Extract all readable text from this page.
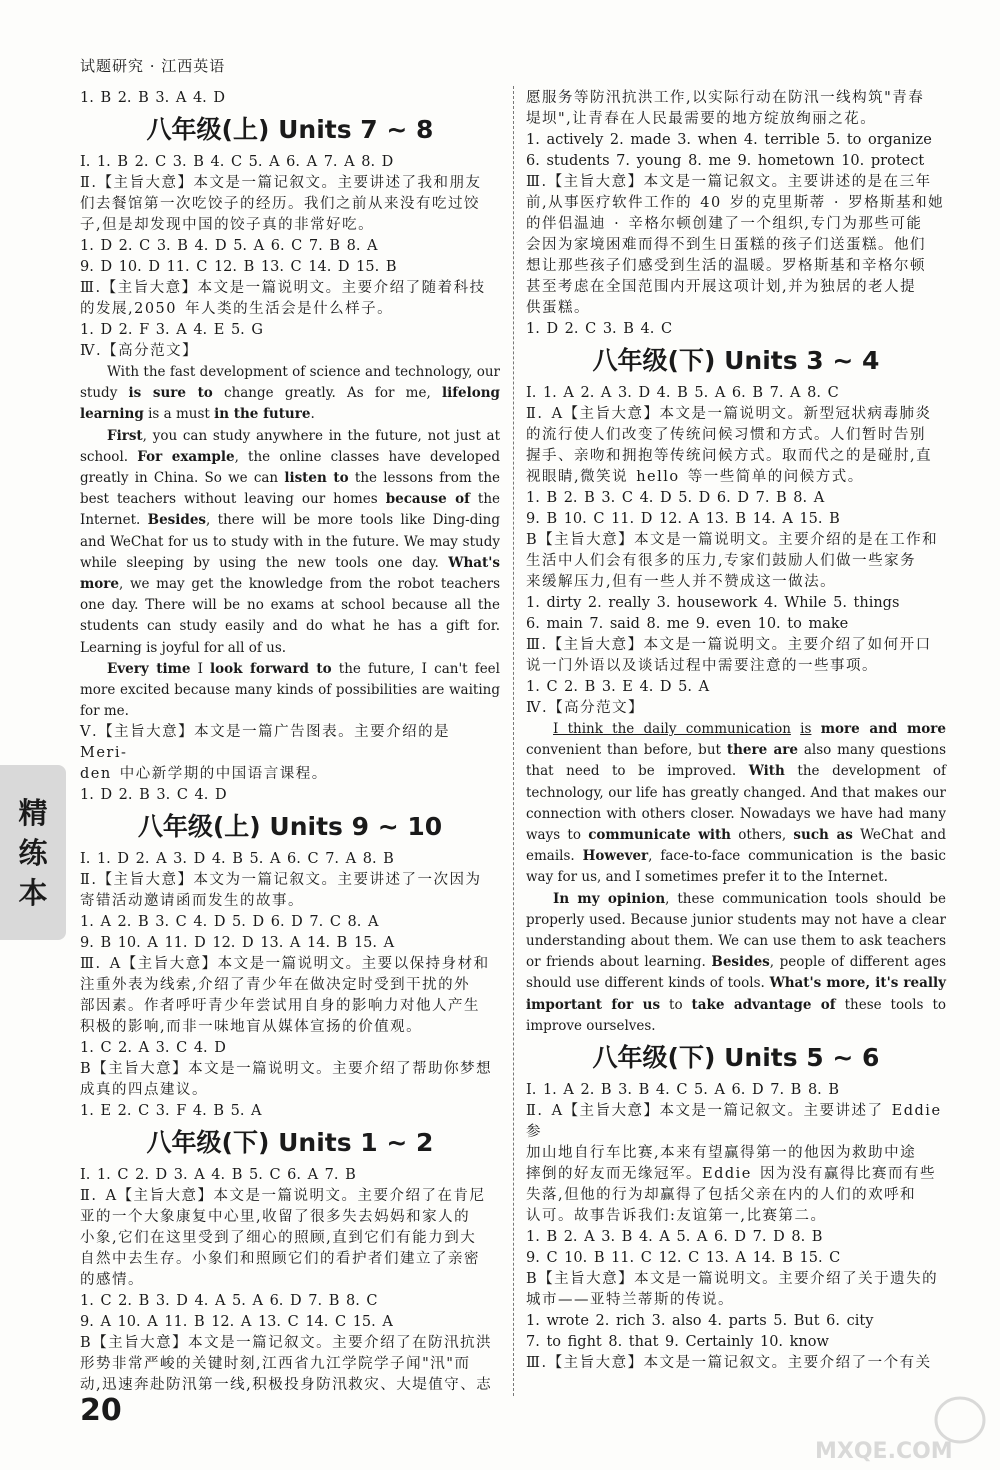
试题研究 · 江西英语

1. B 2. B 3. A 4. D

八年级(上) Units 7 ~ 8

Ⅰ. 1. B 2. C 3. B 4. C 5. A 6. A 7. A 8. D

Ⅱ.【主旨大意】本文是一篇记叙文。主要讲述了我和朋友

们去餐馆第一次吃饺子的经历。我们之前从来没有吃过饺

子,但是却发现中国的饺子真的非常好吃。

1. D 2. C 3. B 4. D 5. A 6. C 7. B 8. A

9. D 10. D 11. C 12. B 13. C 14. D 15. B

Ⅲ.【主旨大意】本文是一篇说明文。主要介绍了随着科技

的发展,2050 年人类的生活会是什么样子。

1. D 2. F 3. A 4. E 5. G

Ⅳ.【高分范文】

With the fast development of science and technology, our study is sure to change greatly. As for me, lifelong learning is a must in the future.

First, you can study anywhere in the future, not just at school. For example, the online classes have developed greatly in China. So we can listen to the lessons from the best teachers without leaving our homes because of the Internet. Besides, there will be more tools like Ding-ding and WeChat for us to study with in the future. We may study while sleeping by using the new tools one day. What's more, we may get the knowledge from the robot teachers one day. There will be no exams at school because all the students can study easily and do what he has a gift for. Learning is joyful for all of us.

Every time I look forward to the future, I can't feel more excited because many kinds of possibilities are waiting for me.

Ⅴ.【主旨大意】本文是一篇广告图表。主要介绍的是 Meri-

den 中心新学期的中国语言课程。

1. D 2. B 3. C 4. D

八年级(上) Units 9 ~ 10

Ⅰ. 1. D 2. A 3. D 4. B 5. A 6. C 7. A 8. B

Ⅱ.【主旨大意】本文为一篇记叙文。主要讲述了一次因为

寄错活动邀请函而发生的故事。

1. A 2. B 3. C 4. D 5. D 6. D 7. C 8. A

9. B 10. A 11. D 12. D 13. A 14. B 15. A

Ⅲ. A【主旨大意】本文是一篇说明文。主要以保持身材和

注重外表为线索,介绍了青少年在做决定时受到干扰的外

部因素。作者呼吁青少年尝试用自身的影响力对他人产生

积极的影响,而非一味地盲从媒体宣扬的价值观。

1. C 2. A 3. C 4. D

B【主旨大意】本文是一篇说明文。主要介绍了帮助你梦想

成真的四点建议。

1. E 2. C 3. F 4. B 5. A

八年级(下) Units 1 ~ 2

Ⅰ. 1. C 2. D 3. A 4. B 5. C 6. A 7. B

Ⅱ. A【主旨大意】本文是一篇说明文。主要介绍了在肯尼

亚的一个大象康复中心里,收留了很多失去妈妈和家人的

小象,它们在这里受到了细心的照顾,直到它们有能力到大

自然中去生存。小象们和照顾它们的看护者们建立了亲密

的感情。

1. C 2. B 3. D 4. A 5. A 6. D 7. B 8. C

9. A 10. A 11. B 12. A 13. C 14. C 15. A

B【主旨大意】本文是一篇记叙文。主要介绍了在防汛抗洪

形势非常严峻的关键时刻,江西省九江学院学子闻"汛"而

动,迅速奔赴防汛第一线,积极投身防汛救灾、大堤值守、志

愿服务等防汛抗洪工作,以实际行动在防汛一线构筑"青春

堤坝",让青春在人民最需要的地方绽放绚丽之花。

1. actively 2. made 3. when 4. terrible 5. to organize

6. students 7. young 8. me 9. hometown 10. protect

Ⅲ.【主旨大意】本文是一篇记叙文。主要讲述的是在三年

前,从事医疗软件工作的 40 岁的克里斯蒂 · 罗格斯基和她

的伴侣温迪 · 辛格尔顿创建了一个组织,专门为那些可能

会因为家境困难而得不到生日蛋糕的孩子们送蛋糕。他们

想让那些孩子们感受到生活的温暖。罗格斯基和辛格尔顿

甚至考虑在全国范围内开展这项计划,并为独居的老人提

供蛋糕。

1. D 2. C 3. B 4. C

八年级(下) Units 3 ~ 4

Ⅰ. 1. A 2. A 3. D 4. B 5. A 6. B 7. A 8. C

Ⅱ. A【主旨大意】本文是一篇说明文。新型冠状病毒肺炎

的流行使人们改变了传统问候习惯和方式。人们暂时告别

握手、亲吻和拥抱等传统问候方式。取而代之的是碰肘,直

视眼睛,微笑说 hello 等一些简单的问候方式。

1. B 2. B 3. C 4. D 5. D 6. D 7. B 8. A

9. B 10. C 11. D 12. A 13. B 14. A 15. B

B【主旨大意】本文是一篇说明文。主要介绍的是在工作和

生活中人们会有很多的压力,专家们鼓励人们做一些家务

来缓解压力,但有一些人并不赞成这一做法。

1. dirty 2. really 3. housework 4. While 5. things

6. main 7. said 8. me 9. even 10. to make

Ⅲ.【主旨大意】本文是一篇说明文。主要介绍了如何开口

说一门外语以及谈话过程中需要注意的一些事项。

1. C 2. B 3. E 4. D 5. A

Ⅳ.【高分范文】

I think the daily communication is more and more convenient than before, but there are also many questions that need to be improved. With the development of technology, our life has greatly changed. And that makes our connection with others closer. Nowadays we have had many ways to communicate with others, such as WeChat and emails. However, face-to-face communication is the basic way for us, and I sometimes prefer it to the Internet.

In my opinion, these communication tools should be properly used. Because junior students may not have a clear understanding about them. We can use them to ask teachers or friends about learning. Besides, people of different ages should use different kinds of tools. What's more, it's really important for us to take advantage of these tools to improve ourselves.

八年级(下) Units 5 ~ 6

Ⅰ. 1. A 2. B 3. B 4. C 5. A 6. D 7. B 8. B

Ⅱ. A【主旨大意】本文是一篇记叙文。主要讲述了 Eddie 参

加山地自行车比赛,本来有望赢得第一的他因为救助中途

摔倒的好友而无缘冠军。Eddie 因为没有赢得比赛而有些

失落,但他的行为却赢得了包括父亲在内的人们的欢呼和

认可。故事告诉我们:友谊第一,比赛第二。

1. B 2. A 3. B 4. A 5. A 6. D 7. D 8. B

9. C 10. B 11. C 12. C 13. A 14. B 15. C

B【主旨大意】本文是一篇说明文。主要介绍了关于遗失的

城市——亚特兰蒂斯的传说。

1. wrote 2. rich 3. also 4. parts 5. But 6. city

7. to fight 8. that 9. Certainly 10. know

Ⅲ.【主旨大意】本文是一篇记叙文。主要介绍了一个有关

精
练
本
20
MXQE.COM
